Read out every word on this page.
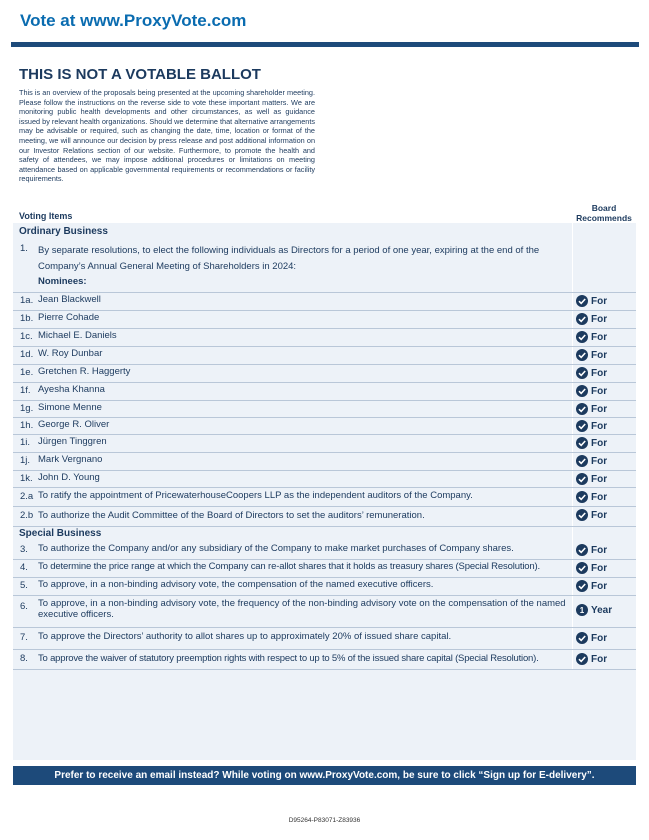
Vote at www.ProxyVote.com
THIS IS NOT A VOTABLE BALLOT
This is an overview of the proposals being presented at the upcoming shareholder meeting. Please follow the instructions on the reverse side to vote these important matters. We are monitoring public health developments and other circumstances, as well as guidance issued by relevant health organizations. Should we determine that alternative arrangements may be advisable or required, such as changing the date, time, location or format of the meeting, we will announce our decision by press release and post additional information on our Investor Relations section of our website. Furthermore, to promote the health and safety of attendees, we may impose additional procedures or limitations on meeting attendance based on applicable governmental requirements or recommendations or facility requirements.
Voting Items
Board Recommends
Ordinary Business
1. By separate resolutions, to elect the following individuals as Directors for a period of one year, expiring at the end of the Company’s Annual General Meeting of Shareholders in 2024:
Nominees:
1a. Jean Blackwell	For
1b. Pierre Cohade	For
1c. Michael E. Daniels	For
1d. W. Roy Dunbar	For
1e. Gretchen R. Haggerty	For
1f. Ayesha Khanna	For
1g. Simone Menne	For
1h. George R. Oliver	For
1i. Jürgen Tinggren	For
1j. Mark Vergnano	For
1k. John D. Young	For
2.a To ratify the appointment of PricewaterhouseCoopers LLP as the independent auditors of the Company.	For
2.b To authorize the Audit Committee of the Board of Directors to set the auditors’ remuneration.	For
Special Business
3. To authorize the Company and/or any subsidiary of the Company to make market purchases of Company shares.	For
4. To determine the price range at which the Company can re-allot shares that it holds as treasury shares (Special Resolution).	For
5. To approve, in a non-binding advisory vote, the compensation of the named executive officers.	For
6. To approve, in a non-binding advisory vote, the frequency of the non-binding advisory vote on the compensation of the named executive officers.	1 Year
7. To approve the Directors’ authority to allot shares up to approximately 20% of issued share capital.	For
8. To approve the waiver of statutory preemption rights with respect to up to 5% of the issued share capital (Special Resolution).	For
Prefer to receive an email instead? While voting on www.ProxyVote.com, be sure to click “Sign up for E-delivery”.
D95264-P83071-Z83936
